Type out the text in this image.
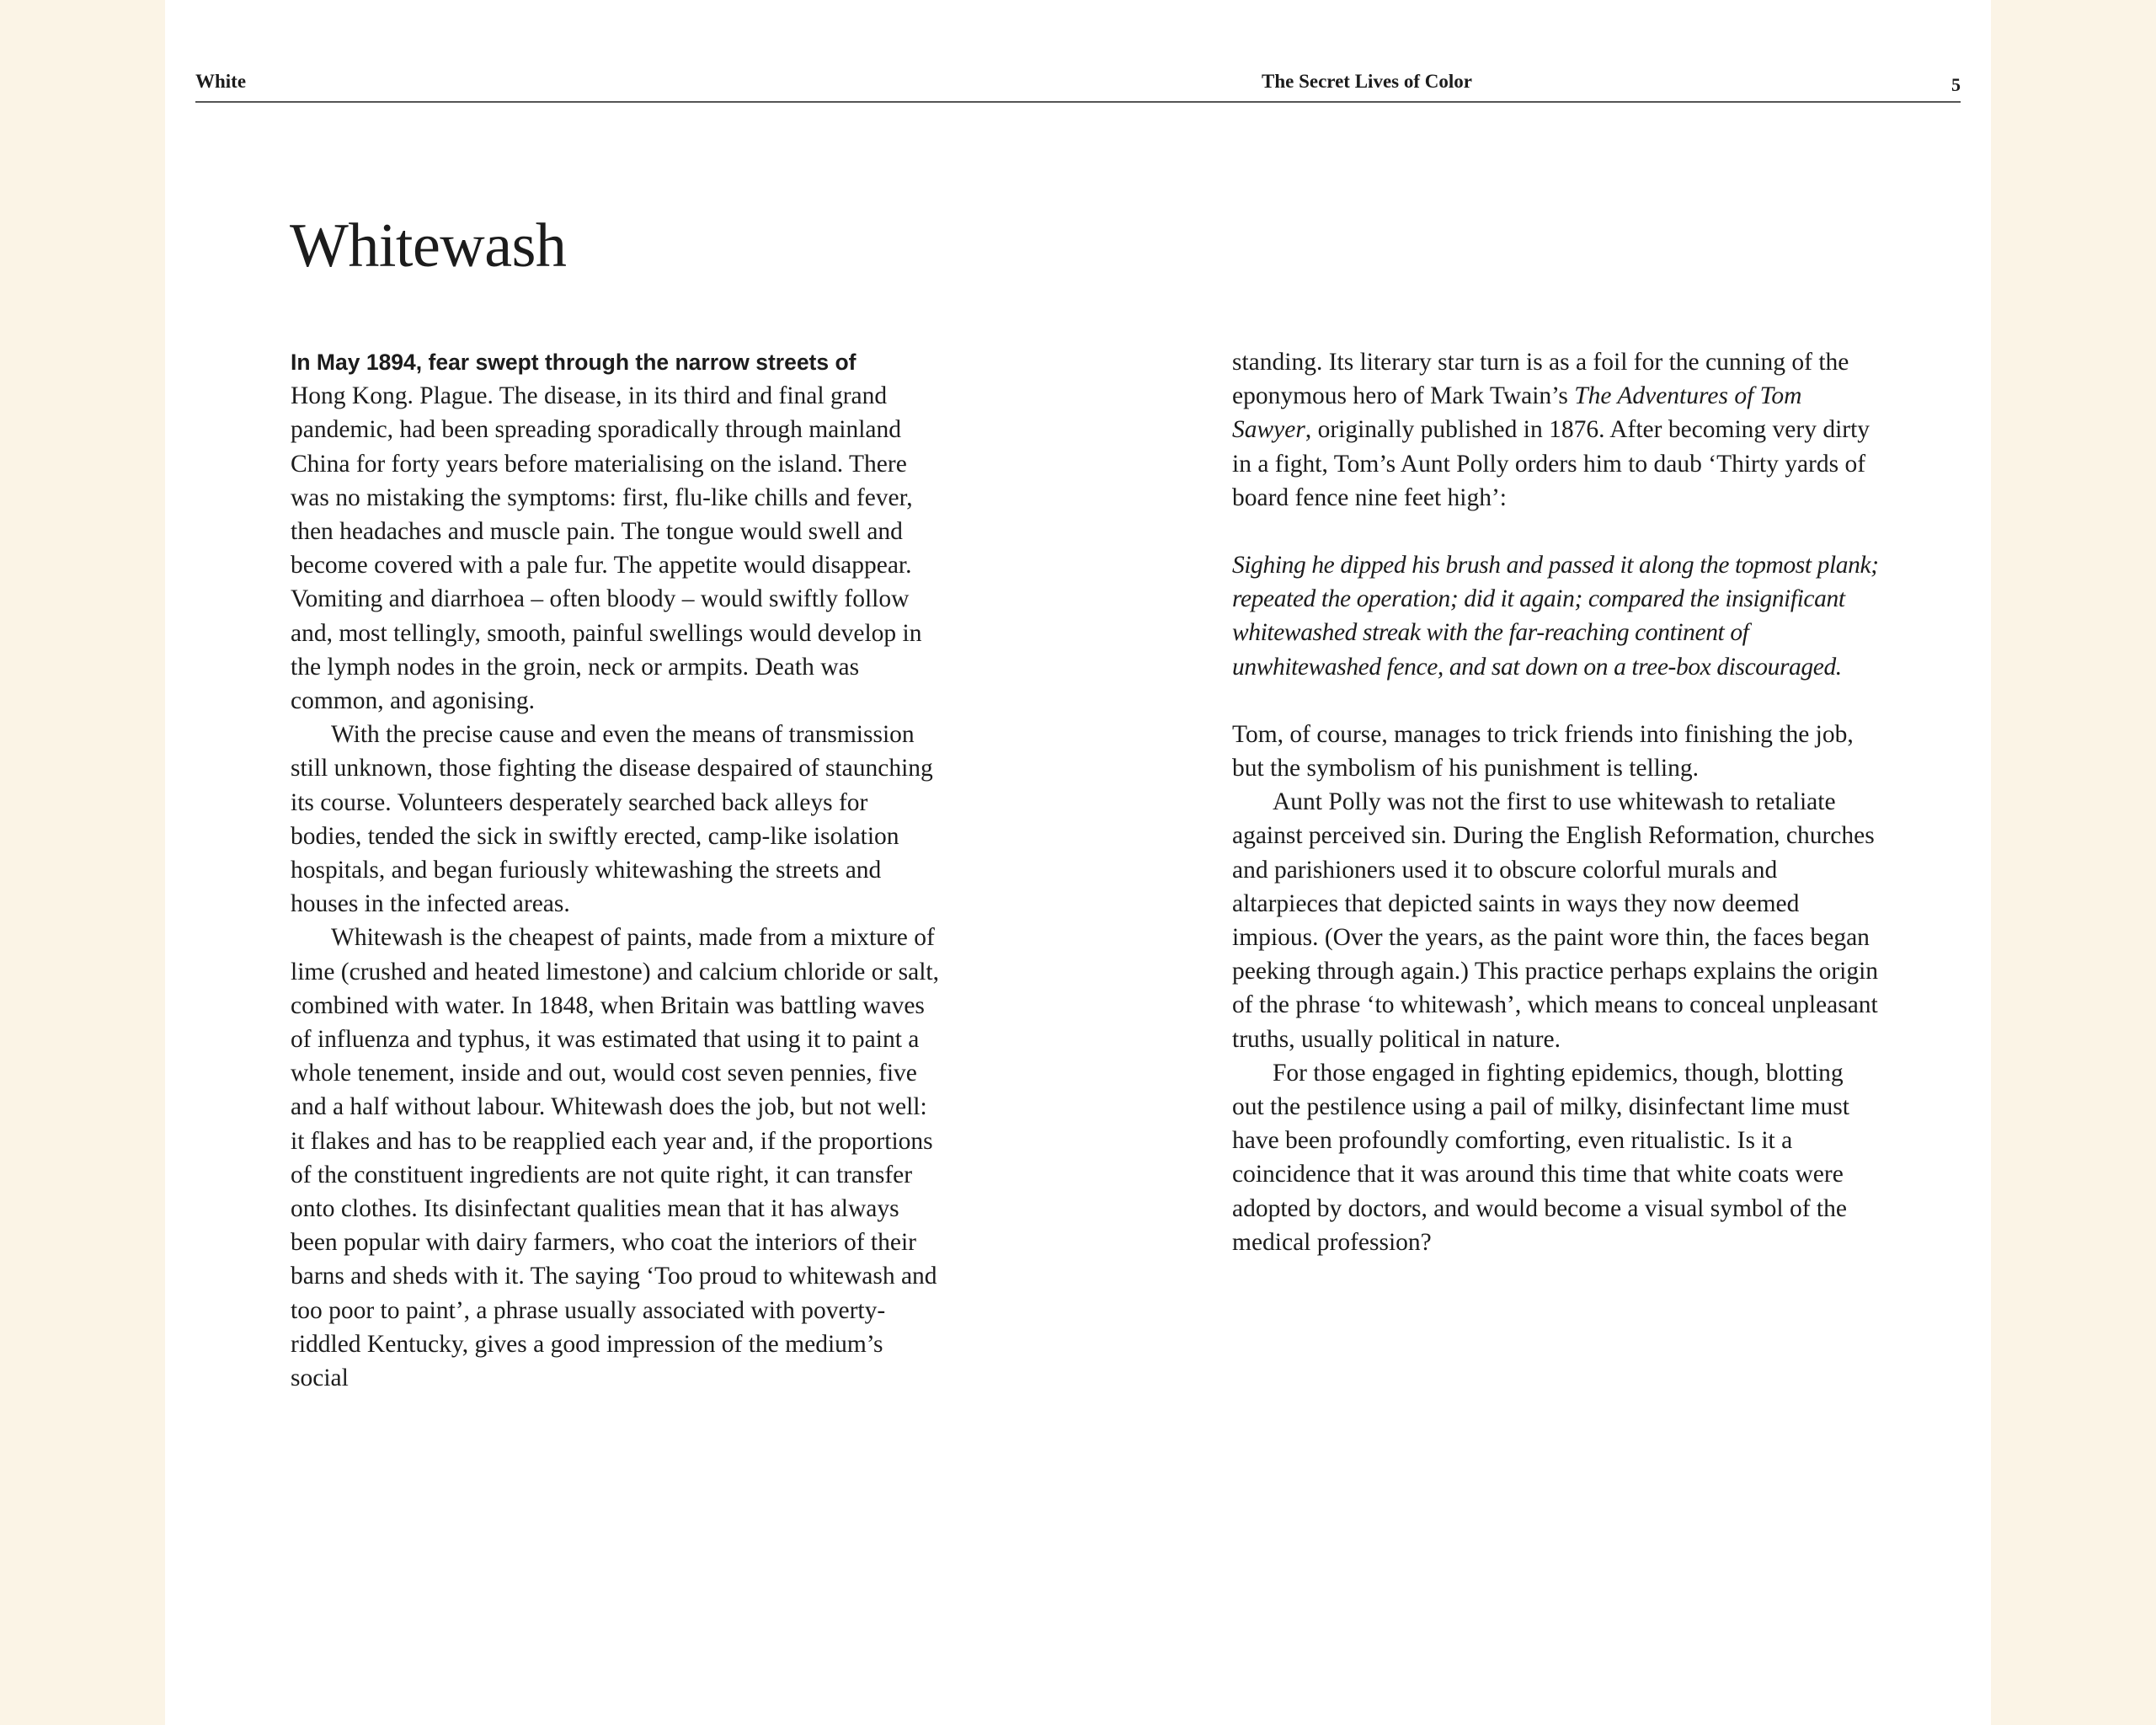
White	The Secret Lives of Color	5
Whitewash

In May 1894, fear swept through the narrow streets of
Hong Kong. Plague. The disease, in its third and final grand pandemic, had been spreading sporadically through mainland China for forty years before materialising on the island. There was no mistaking the symptoms: first, flu-like chills and fever, then headaches and muscle pain. The tongue would swell and become covered with a pale fur. The appetite would disappear. Vomiting and diarrhoea – often bloody – would swiftly follow and, most tellingly, smooth, painful swellings would develop in the lymph nodes in the groin, neck or armpits. Death was common, and agonising.

With the precise cause and even the means of transmission still unknown, those fighting the disease despaired of staunching its course. Volunteers desperately searched back alleys for bodies, tended the sick in swiftly erected, camp-like isolation hospitals, and began furiously whitewashing the streets and houses in the infected areas.

Whitewash is the cheapest of paints, made from a mixture of lime (crushed and heated limestone) and calcium chloride or salt, combined with water. In 1848, when Britain was battling waves of influenza and typhus, it was estimated that using it to paint a whole tenement, inside and out, would cost seven pennies, five and a half without labour. Whitewash does the job, but not well: it flakes and has to be reapplied each year and, if the proportions of the constituent ingredients are not quite right, it can transfer onto clothes. Its disinfectant qualities mean that it has always been popular with dairy farmers, who coat the interiors of their barns and sheds with it. The saying ‘Too proud to whitewash and too poor to paint’, a phrase usually associated with poverty-riddled Kentucky, gives a good impression of the medium’s social

standing. Its literary star turn is as a foil for the cunning of the eponymous hero of Mark Twain’s The Adventures of Tom Sawyer, originally published in 1876. After becoming very dirty in a fight, Tom’s Aunt Polly orders him to daub ‘Thirty yards of board fence nine feet high’:

Sighing he dipped his brush and passed it along the topmost plank; repeated the operation; did it again; compared the insignificant whitewashed streak with the far-reaching continent of unwhitewashed fence, and sat down on a tree-box discouraged.

Tom, of course, manages to trick friends into finishing the job, but the symbolism of his punishment is telling.

Aunt Polly was not the first to use whitewash to retaliate against perceived sin. During the English Reformation, churches and parishioners used it to obscure colorful murals and altarpieces that depicted saints in ways they now deemed impious. (Over the years, as the paint wore thin, the faces began peeking through again.) This practice perhaps explains the origin of the phrase ‘to whitewash’, which means to conceal unpleasant truths, usually political in nature.

For those engaged in fighting epidemics, though, blotting out the pestilence using a pail of milky, disinfectant lime must have been profoundly comforting, even ritualistic. Is it a coincidence that it was around this time that white coats were adopted by doctors, and would become a visual symbol of the medical profession?
